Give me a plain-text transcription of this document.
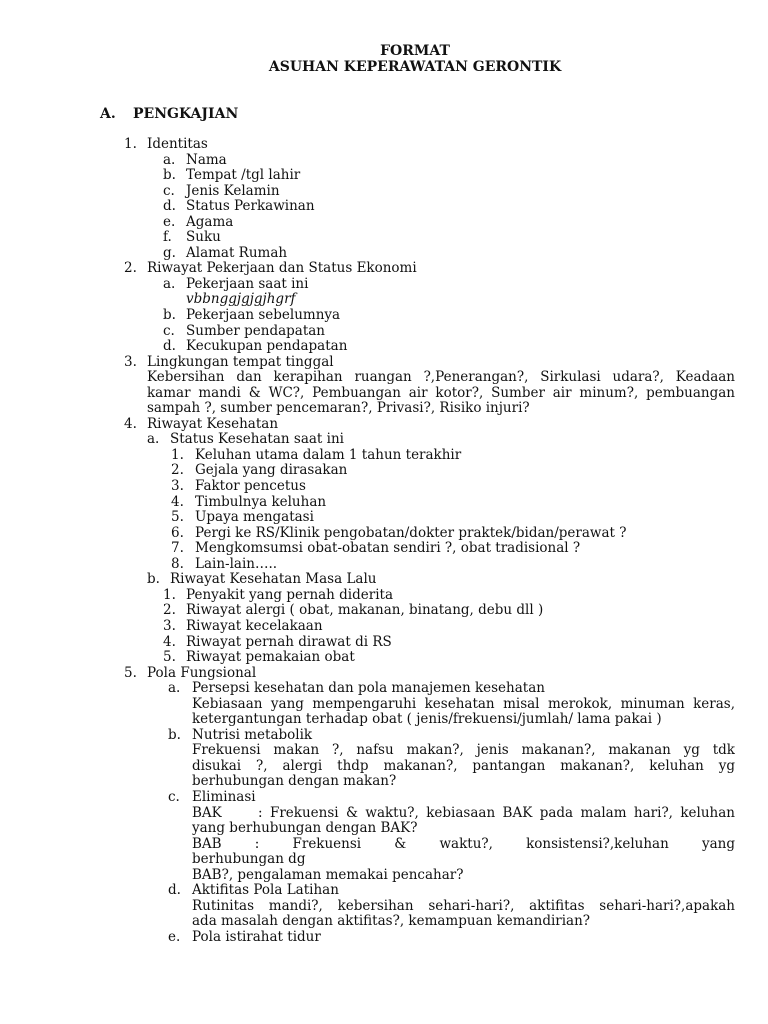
FORMAT
ASUHAN KEPERAWATAN GERONTIK
A. PENGKAJIAN
1. Identitas
a. Nama
b. Tempat /tgl lahir
c. Jenis Kelamin
d. Status Perkawinan
e. Agama
f. Suku
g. Alamat Rumah
2. Riwayat Pekerjaan dan Status Ekonomi
a. Pekerjaan saat ini
vbbnggjgjgjhgrf
b. Pekerjaan sebelumnya
c. Sumber pendapatan
d. Kecukupan pendapatan
3. Lingkungan tempat tinggal
Kebersihan dan kerapihan ruangan ?,Penerangan?, Sirkulasi udara?, Keadaan
kamar mandi & WC?, Pembuangan air kotor?, Sumber air minum?, pembuangan
sampah ?, sumber pencemaran?, Privasi?, Risiko injuri?
4. Riwayat Kesehatan
a. Status Kesehatan saat ini
1. Keluhan utama dalam 1 tahun terakhir
2. Gejala yang dirasakan
3. Faktor pencetus
4. Timbulnya keluhan
5. Upaya mengatasi
6. Pergi ke RS/Klinik pengobatan/dokter praktek/bidan/perawat ?
7. Mengkomsumsi obat-obatan sendiri ?, obat tradisional ?
8. Lain-lain…..
b. Riwayat Kesehatan Masa Lalu
1. Penyakit yang pernah diderita
2. Riwayat alergi ( obat, makanan, binatang, debu dll )
3. Riwayat kecelakaan
4. Riwayat pernah dirawat di RS
5. Riwayat pemakaian obat
5. Pola Fungsional
a. Persepsi kesehatan dan pola manajemen kesehatan
Kebiasaan yang mempengaruhi kesehatan misal merokok, minuman keras,
ketergantungan terhadap obat ( jenis/frekuensi/jumlah/ lama pakai )
b. Nutrisi metabolik
Frekuensi makan ?, nafsu makan?, jenis makanan?, makanan yg tdk
disukai ?, alergi thdp makanan?, pantangan makanan?, keluhan yg
berhubungan dengan makan?
c. Eliminasi
BAK	: Frekuensi & waktu?, kebiasaan BAK pada malam hari?, keluhan
yang berhubungan dengan BAK?
BAB : Frekuensi & waktu?, konsistensi?,keluhan yang
berhubungan dg
BAB?, pengalaman memakai pencahar?
d. Aktifitas Pola Latihan
Rutinitas mandi?, kebersihan sehari-hari?, aktifitas sehari-hari?,apakah
ada masalah dengan aktifitas?, kemampuan kemandirian?
e. Pola istirahat tidur
